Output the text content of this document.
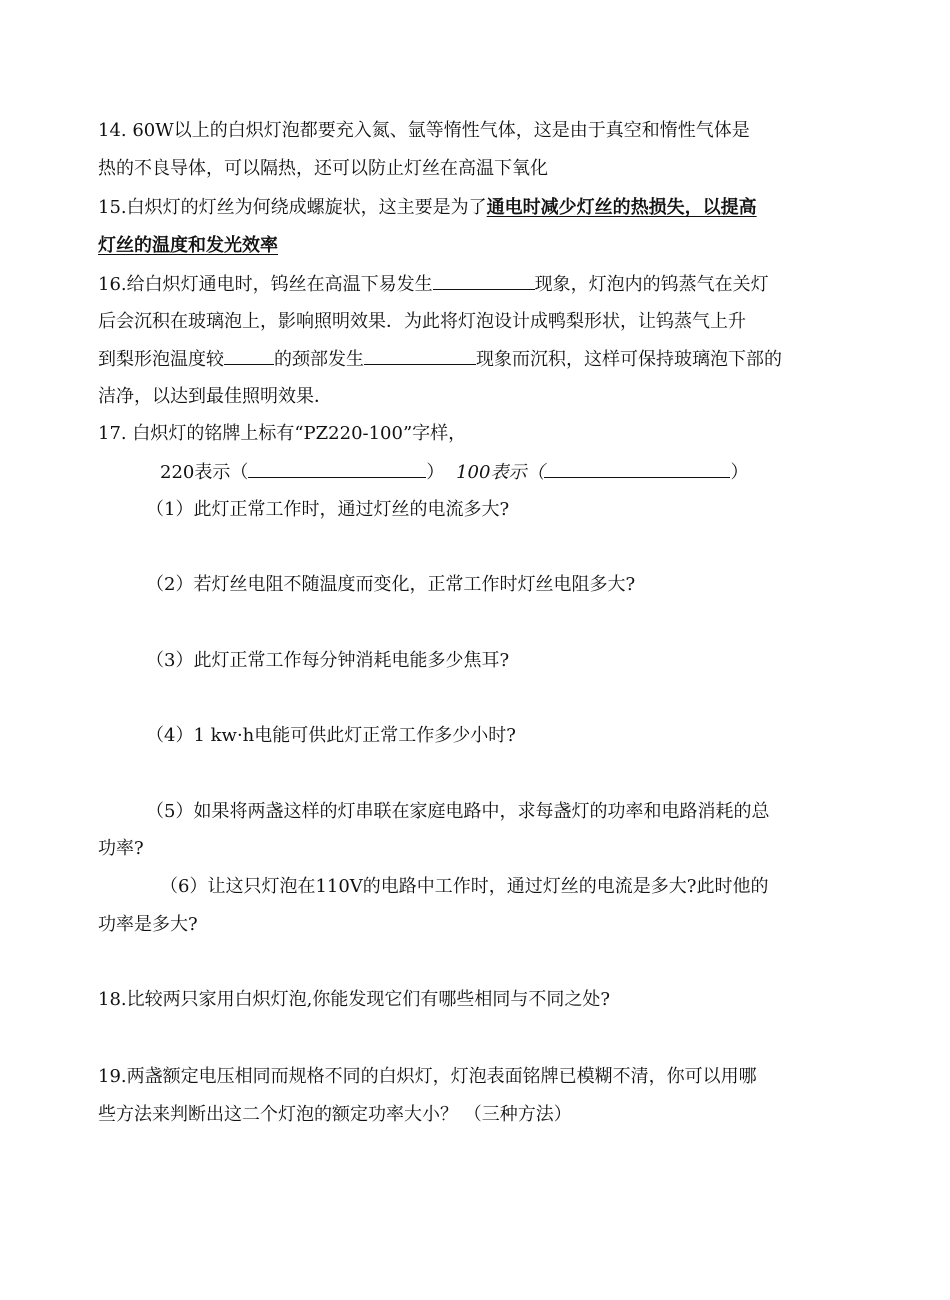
14. 60W以上的白炽灯泡都要充入氮、氩等惰性气体，这是由于真空和惰性气体是
热的不良导体，可以隔热，还可以防止灯丝在高温下氧化
15.白炽灯的灯丝为何绕成螺旋状，这主要是为了通电时减少灯丝的热损失，以提高
灯丝的温度和发光效率
16.给白炽灯通电时，钨丝在高温下易发生	现象，灯泡内的钨蒸气在关灯
后会沉积在玻璃泡上，影响照明效果．为此将灯泡设计成鸭梨形状，让钨蒸气上升
到梨形泡温度较	的颈部发生	现象而沉积，这样可保持玻璃泡下部的
洁净，以达到最佳照明效果．
17. 白炽灯的铭牌上标有“PZ220-100”字样，
220表示（	） 100表示（	）
（1）此灯正常工作时，通过灯丝的电流多大?
（2）若灯丝电阻不随温度而变化，正常工作时灯丝电阻多大?
（3）此灯正常工作每分钟消耗电能多少焦耳?
（4）1 kw·h电能可供此灯正常工作多少小时?
（5）如果将两盏这样的灯串联在家庭电路中，求每盏灯的功率和电路消耗的总
功率?
（6）让这只灯泡在110V的电路中工作时，通过灯丝的电流是多大?此时他的
功率是多大?
18.比较两只家用白炽灯泡,你能发现它们有哪些相同与不同之处?
19.两盏额定电压相同而规格不同的白炽灯，灯泡表面铭牌已模糊不清，你可以用哪
些方法来判断出这二个灯泡的额定功率大小？ （三种方法）
